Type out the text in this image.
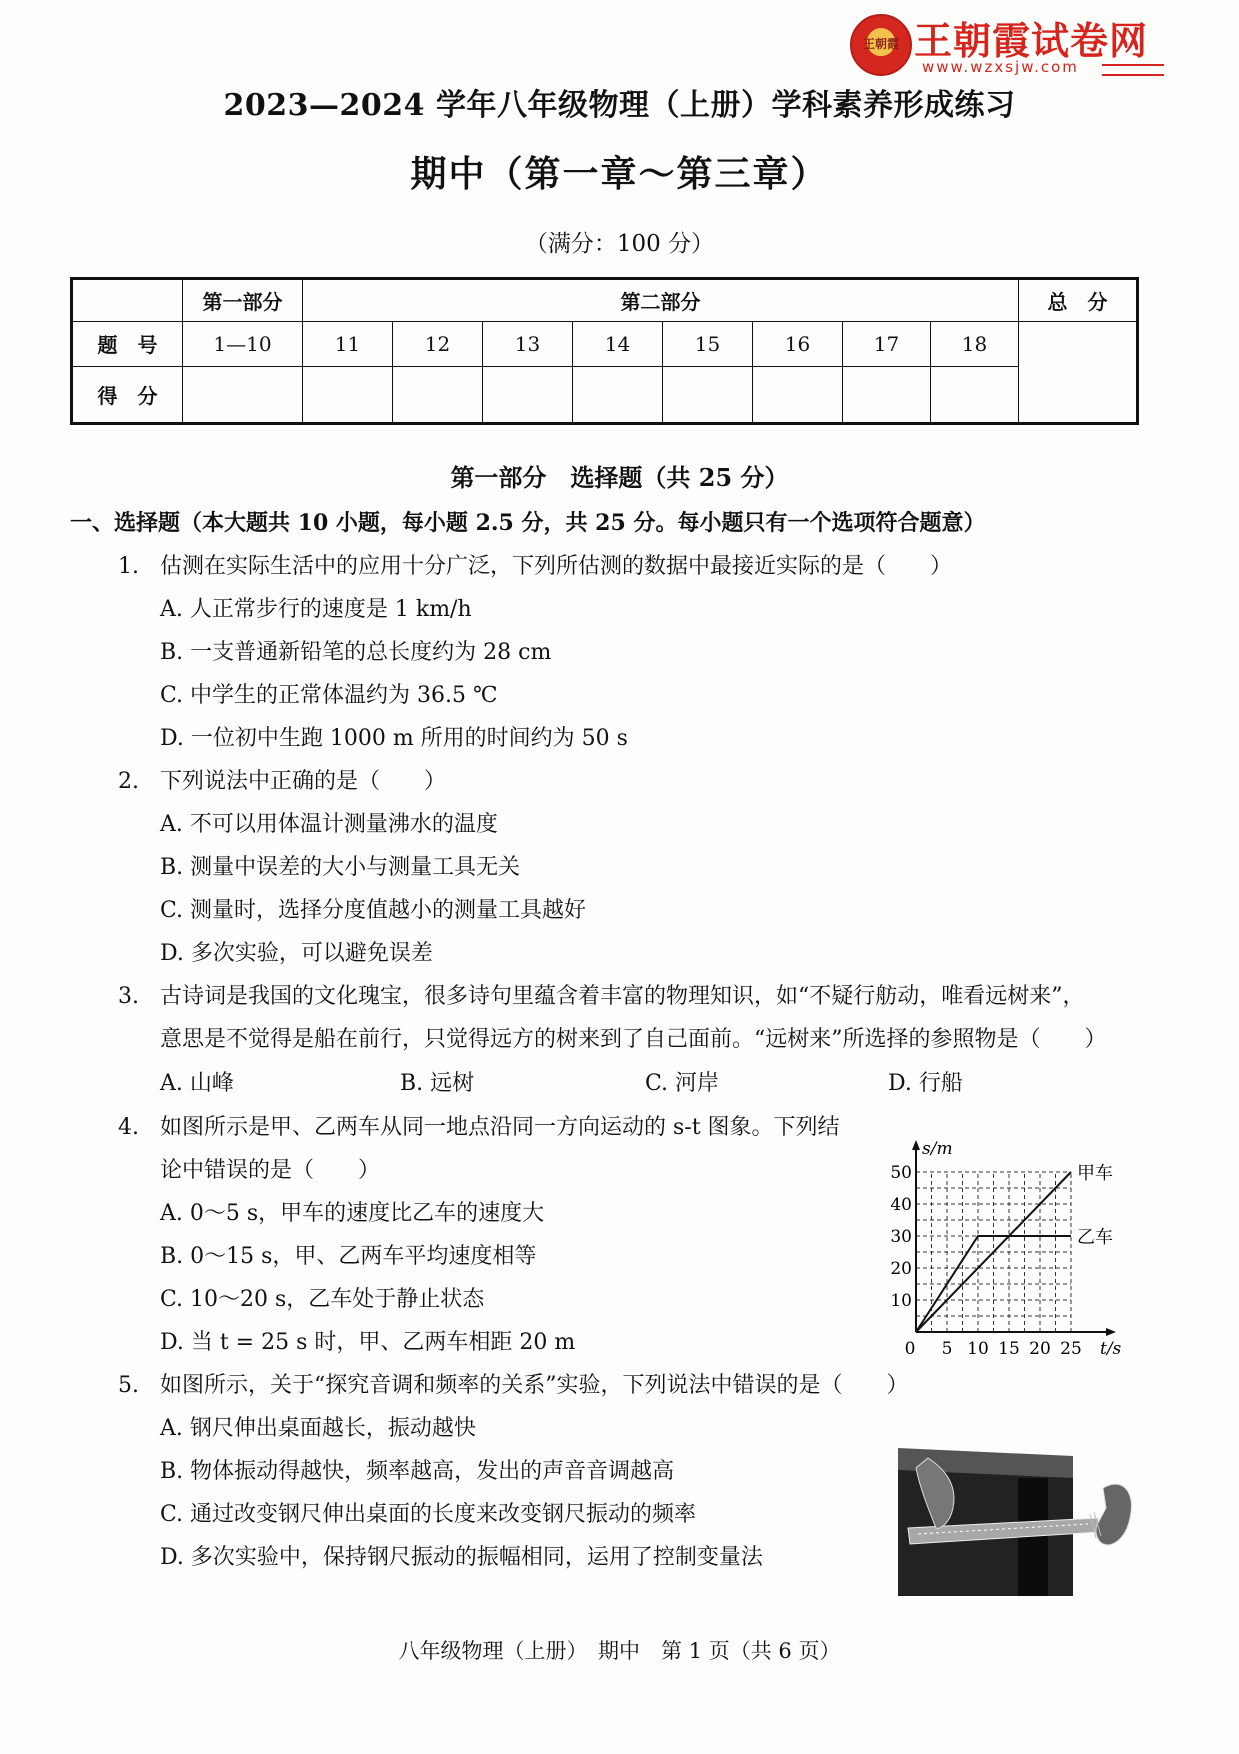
王朝霞 王朝霞试卷网
www.wzxsjw.com
2023—2024 学年八年级物理（上册）学科素养形成练习
期中（第一章～第三章）
（满分：100 分）
	第一部分	第二部分								总　分
题　号	1—10	11	12	13	14	15	16	17	18	
得　分										
第一部分　选择题（共 25 分）
一、选择题（本大题共 10 小题，每小题 2.5 分，共 25 分。每小题只有一个选项符合题意）
1. 估测在实际生活中的应用十分广泛，下列所估测的数据中最接近实际的是（　　）
A. 人正常步行的速度是 1 km/h
B. 一支普通新铅笔的总长度约为 28 cm
C. 中学生的正常体温约为 36.5 ℃
D. 一位初中生跑 1000 m 所用的时间约为 50 s
2. 下列说法中正确的是（　　）
A. 不可以用体温计测量沸水的温度
B. 测量中误差的大小与测量工具无关
C. 测量时，选择分度值越小的测量工具越好
D. 多次实验，可以避免误差
3. 古诗词是我国的文化瑰宝，很多诗句里蕴含着丰富的物理知识，如“不疑行舫动，唯看远树来”，
意思是不觉得是船在前行，只觉得远方的树来到了自己面前。“远树来”所选择的参照物是（　　）
A. 山峰	B. 远树	C. 河岸	D. 行船
4. 如图所示是甲、乙两车从同一地点沿同一方向运动的 s-t 图象。下列结
论中错误的是（　　）
A. 0～5 s，甲车的速度比乙车的速度大
B. 0～15 s，甲、乙两车平均速度相等
C. 10～20 s，乙车处于静止状态
D. 当 t = 25 s 时，甲、乙两车相距 20 m
5. 如图所示，关于“探究音调和频率的关系”实验，下列说法中错误的是（　　）
A. 钢尺伸出桌面越长，振动越快
B. 物体振动得越快，频率越高，发出的声音音调越高
C. 通过改变钢尺伸出桌面的长度来改变钢尺振动的频率
D. 多次实验中，保持钢尺振动的振幅相同，运用了控制变量法
甲车
乙车
0 5 10 15 20 25
10
20
30
40
50
t/s
s/m
八年级物理（上册）　期中　第 1 页（共 6 页）
